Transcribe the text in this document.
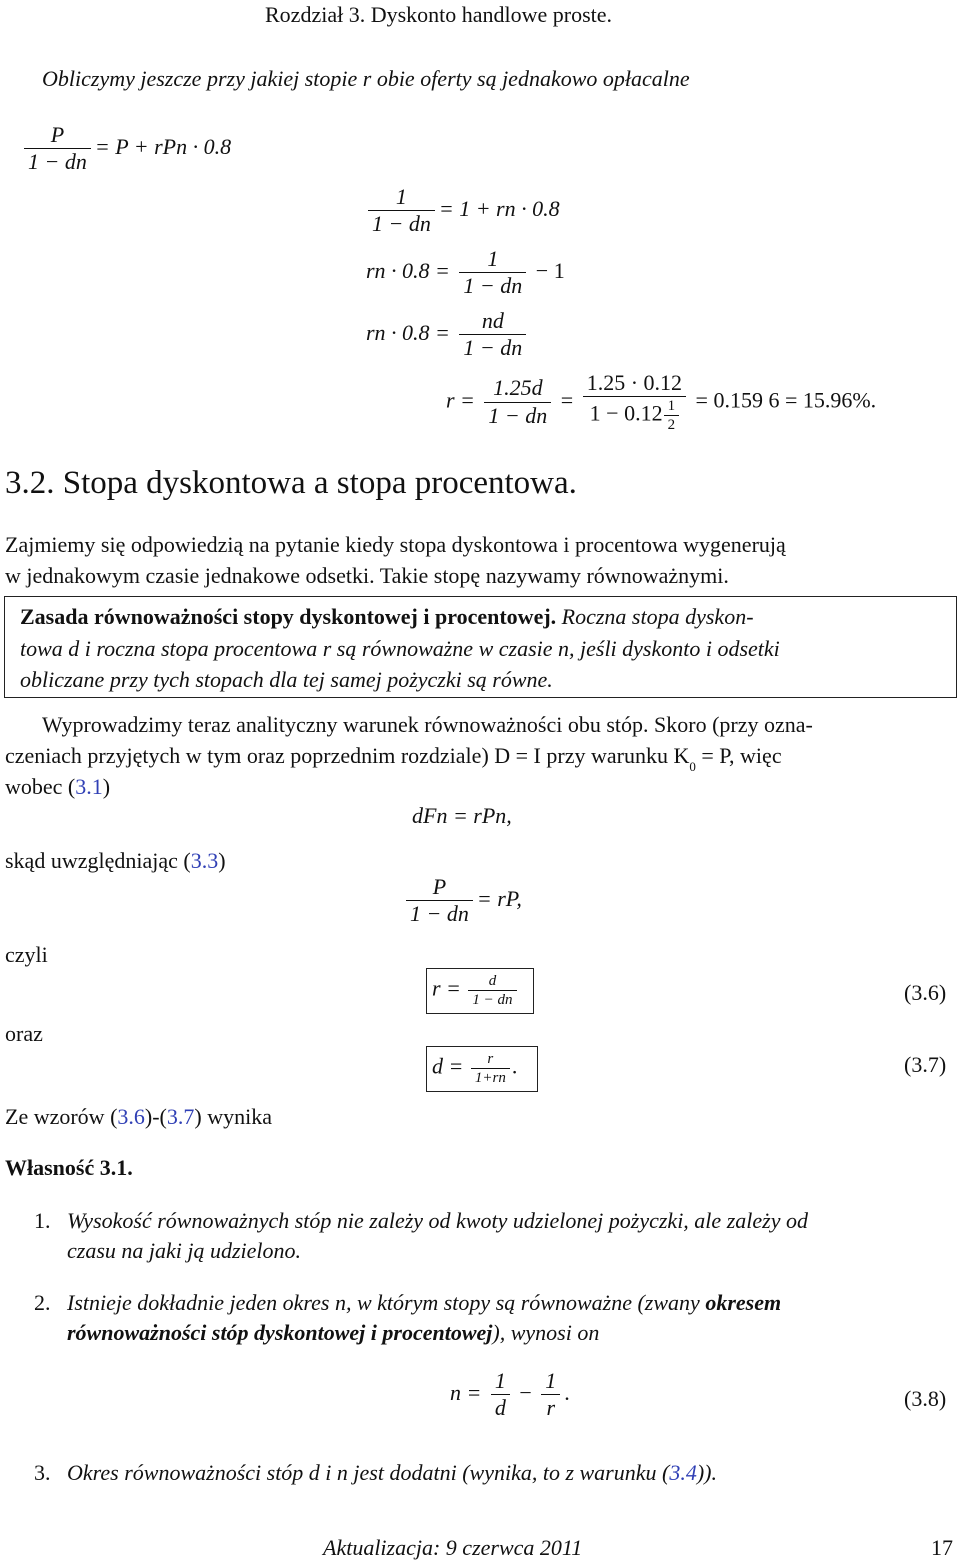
Rozdział 3. Dyskonto handlowe proste.
Obliczymy jeszcze przy jakiej stopie r obie oferty są jednakowo opłacalne
$\frac{P}{1 - dn} = P$ + rPn · 0.8
$\frac{1}{1 - dn} = 1$ + rn · 0.8
rn · $0.8 = \frac{1}{1 - dn} - 1$
rn · $0.8 = \frac{nd}{1 - dn}$
$r = \frac{1.25d}{1 - dn} = \frac{1.25 \cdot 0.12}{1 - 0.12 \frac{1}{2}} = 0.159$ 6 = 15.96%.
3.2. Stopa dyskontowa a stopa procentowa.
Zajmiemy się odpowiedzią na pytanie kiedy stopa dyskontowa i procentowa wygenerują
w jednakowym czasie jednakowe odsetki. Takie stopę nazywamy równoważnymi.
Zasada równoważności stopy dyskontowej i procentowej. Roczna stopa dyskon-
towa d i roczna stopa procentowa r są równoważne w czasie n, jeśli dyskonto i odsetki
obliczane przy tych stopach dla tej samej pożyczki są równe.
Wyprowadzimy teraz analityczny warunek równoważności obu stóp. Skoro (przy ozna-
czeniach przyjętych w tym oraz poprzednim rozdziale) D = I przy warunku $K_0 = P$, więc
wobec (3.1)
dFn = rPn,
skąd uwzględniając (3.3)
$\frac{P}{1 - dn}$ = rP,
czyli
$r = \frac{d}{1 - dn}$	(3.6)
oraz
$d = \frac{r}{1+rn}$ .	(3.7)
Ze wzorów (3.6)-(3.7) wynika
Własność 3.1.
1. Wysokość równoważnych stóp nie zależy od kwoty udzielonej pożyczki, ale zależy od
czasu na jaki ją udzielono.
2. Istnieje dokładnie jeden okres n, w którym stopy są równoważne (zwany okresem
równoważności stóp dyskontowej i procentowej), wynosi on
$n = \frac{1}{d} - \frac{1}{r}$ .	(3.8)
3. Okres równoważności stóp d i n jest dodatni (wynika, to z warunku (3.4)).
Aktualizacja: 9 czerwca 2011	17
